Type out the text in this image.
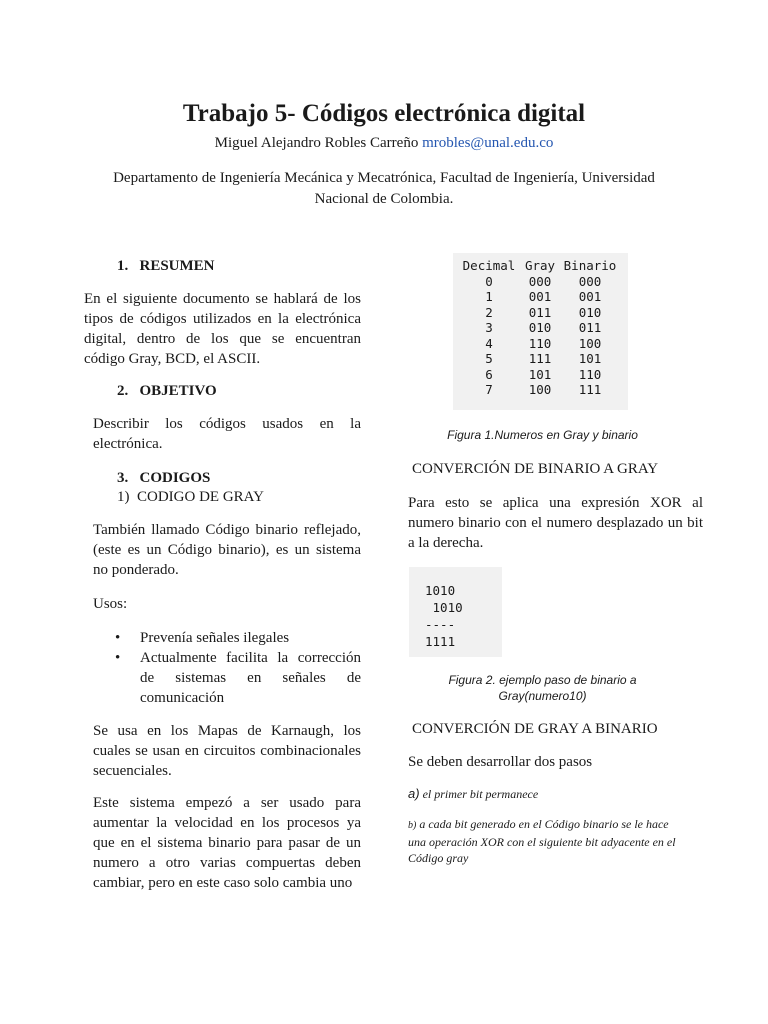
Trabajo 5- Códigos electrónica digital
Miguel Alejandro Robles Carreño mrobles@unal.edu.co
Departamento de Ingeniería Mecánica y Mecatrónica, Facultad de Ingeniería, Universidad
Nacional de Colombia.
1. RESUMEN
En el siguiente documento se hablará de los tipos de códigos utilizados en la electrónica digital, dentro de los que se encuentran código Gray, BCD, el ASCII.
2. OBJETIVO
Describir los códigos usados en la electrónica.
3. CODIGOS
1) CODIGO DE GRAY
También llamado Código binario reflejado, (este es un Código binario), es un sistema no ponderado.
Usos:
• Prevenía señales ilegales
• Actualmente facilita la corrección de sistemas en señales de comunicación
Se usa en los Mapas de Karnaugh, los cuales se usan en circuitos combinacionales secuenciales.
Este sistema empezó a ser usado para aumentar la velocidad en los procesos ya que en el sistema binario para pasar de un numero a otro varias compuertas deben cambiar, pero en este caso solo cambia uno
Decimal	Gray	Binario
0	000	000
1	001	001
2	011	010
3	010	011
4	110	100
5	111	101
6	101	110
7	100	111
Figura 1.Numeros en Gray y binario
CONVERCIÓN DE BINARIO A GRAY
Para esto se aplica una expresión XOR al numero binario con el numero desplazado un bit a la derecha.
1010
1010
----
1111
Figura 2. ejemplo paso de binario a
Gray(numero10)
CONVERCIÓN DE GRAY A BINARIO
Se deben desarrollar dos pasos
a) el primer bit permanece
b) a cada bit generado en el Código binario se le hace una operación XOR con el siguiente bit adyacente en el Código gray
